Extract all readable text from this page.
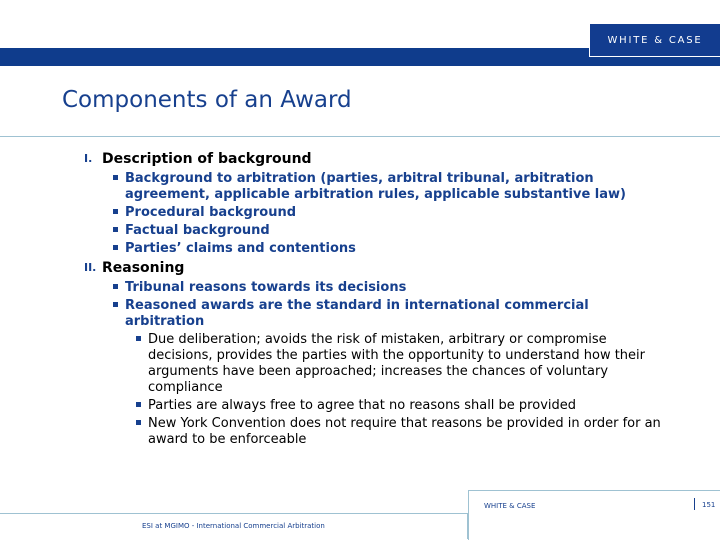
WHITE & CASE
Components of an Award
I. Description of background
Background to arbitration (parties, arbitral tribunal, arbitration agreement, applicable arbitration rules, applicable substantive law)
Procedural background
Factual background
Parties’ claims and contentions
II. Reasoning
Tribunal reasons towards its decisions
Reasoned awards are the standard in international commercial arbitration
Due deliberation; avoids the risk of mistaken, arbitrary or compromise decisions, provides the parties with the opportunity to understand how their arguments have been approached; increases the chances of voluntary compliance
Parties are always free to agree that no reasons shall be provided
New York Convention does not require that reasons be provided in order for an award to be enforceable
ESI at MGIMO - International Commercial Arbitration
WHITE & CASE	151
